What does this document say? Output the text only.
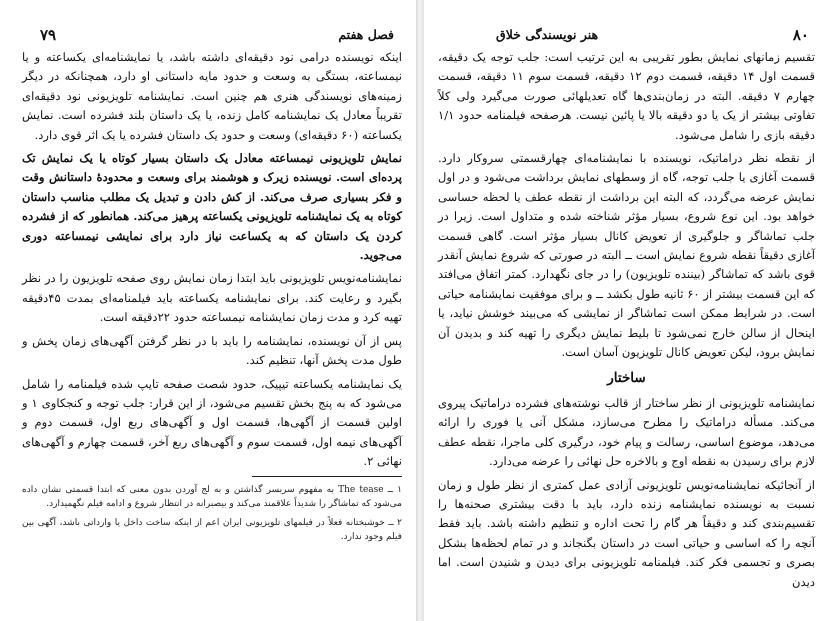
۷۹	فصل هفتم

اینکه نویسنده درامی نود دقیقه‌ای داشته باشد، یا نمایشنامه‌ای یکساعته و یا نیمساعته، بستگی به وسعت و حدود مایه داستانی او دارد، همچنانکه در دیگر زمینه‌های نویسندگی هنری هم چنین است. نمایشنامه تلویزیونی نود دقیقه‌ای تقریباً معادل یک نمایشنامه کامل زنده، یا یک داستان بلند فشرده است. نمایش یکساعته (۶۰ دقیقه‌ای) وسعت و حدود یک داستان فشرده یا یک اثر قوی دارد.

نمایش تلویزیونی نیمساعته معادل یک داستان بسیار کوتاه یا یک نمایش تک پرده‌ای است. نویسنده زیرک و هوشمند برای وسعت و محدودهٔ داستانش وقت و فکر بسیاری صرف می‌کند. از کش دادن و تبدیل یک مطلب مناسب داستان کوتاه به یک نمایشنامه تلویزیونی یکساعته پرهیز می‌کند. همانطور که از فشرده کردن یک داستان که به یکساعت نیاز دارد برای نمایشی نیمساعته دوری می‌جوید.

نمایشنامه‌نویس تلویزیونی باید ابتدا زمان نمایش روی صفحه تلویزیون را در نظر بگیرد و رعایت کند. برای نمایشنامه یکساعته باید فیلمنامه‌ای بمدت ۴۵دقیقه تهیه کرد و مدت زمان نمایشنامه نیمساعته حدود ۲۲دقیقه است.

پس از آن نویسنده، نمایشنامه را باید با در نظر گرفتن آگهی‌های زمان پخش و طول مدت پخش آنها، تنظیم کند.

یک نمایشنامه یکساعته تیپیک، حدود شصت صفحه تایپ شده فیلمنامه را شامل می‌شود که به پنج بخش تقسیم می‌شود، از این قرار: جلب توجه و کنجکاوی ۱ و اولین قسمت از آگهی‌ها، قسمت اول و آگهی‌های ربع اول، قسمت دوم و آگهی‌های نیمه اول، قسمت سوم و آگهی‌های ربع آخر، قسمت چهارم و آگهی‌های نهائی ۲.

۱ ــ The tease به مفهوم سربسر گذاشتن و به لج آوردن بدون معنی که ابتدا قسمتی نشان داده می‌شود که تماشاگر را شدیداً علاقمند می‌کند و بیصبرانه در انتظار شروع و ادامه فیلم نگهمیدارد.

۲ ــ خوشبختانه فعلاً در فیلمهای تلویزیونی ایران اعم از اینکه ساخت داخل یا وارداتی باشد، آگهی بین فیلم وجود ندارد.

۸۰
هنر نویسندگی خلاق

تقسیم زمانهای نمایش بطور تقریبی به این ترتیب است: جلب توجه یک دقیقه، قسمت اول ۱۴ دقیقه، قسمت دوم ۱۲ دقیقه، قسمت سوم ۱۱ دقیقه، قسمت چهارم ۷ دقیقه. البته در زمان‌بندی‌ها گاه تعدیلهائی صورت می‌گیرد ولی کلاً تفاوتی بیشتر از یک یا دو دقیقه بالا یا پائین نیست. هرصفحه فیلمنامه حدود ۱/۱ دقیقه بازی را شامل می‌شود.

از نقطه نظر دراماتیک، نویسنده با نمایشنامه‌ای چهارقسمتی سروکار دارد. قسمت آغازی یا جلب توجه، گاه از وسطهای نمایش برداشت می‌شود و در اول نمایش عرضه می‌گردد، که البته این برداشت از نقطه عطف یا لحظه حساسی خواهد بود. این نوع شروع، بسیار مؤثر شناخته شده و متداول است. زیرا در جلب تماشاگر و جلوگیری از تعویض کانال بسیار مؤثر است. گاهی قسمت آغازی دقیقاً نقطه شروع نمایش است ــ البته در صورتی که شروع نمایش آنقدر قوی باشد که تماشاگر (بیننده تلویزیون) را در جای نگهدارد. کمتر اتفاق می‌افتد که این قسمت بیشتر از ۶۰ ثانیه طول بکشد ــ و برای موفقیت نمایشنامه حیاتی است. در شرایط ممکن است تماشاگر از نمایشی که می‌بیند خوشش نیاید، یا اینحال از سالن خارج نمی‌شود تا بلیط نمایش دیگری را تهیه کند و بدیدن آن نمایش برود، لیکن تعویض کانال تلویزیون آسان است.

ساختار

نمایشنامه تلویزیونی از نظر ساختار از قالب نوشته‌های فشرده دراماتیک پیروی می‌کند. مسأله دراماتیک را مطرح می‌سازد، مشکل آنی یا فوری را ارائه می‌دهد، موضوع اساسی، رسالت و پیام خود، درگیری کلی ماجرا، نقطه عطف لازم برای رسیدن به نقطه اوج و بالاخره حل نهائی را عرضه می‌دارد.

از آنجائیکه نمایشنامه‌نویس تلویزیونی آزادی عمل کمتری از نظر طول و زمان نسبت به نویسنده نمایشنامه زنده دارد، باید با دقت بیشتری صحنه‌ها را تقسیم‌بندی کند و دقیقاً هر گام را تحت اداره و تنظیم داشته باشد. باید فقط آنچه را که اساسی و حیاتی است در داستان بگنجاند و در تمام لحظه‌ها بشکل بصری و تجسمی فکر کند. فیلمنامه تلویزیونی برای دیدن و شنیدن است. اما دیدن
